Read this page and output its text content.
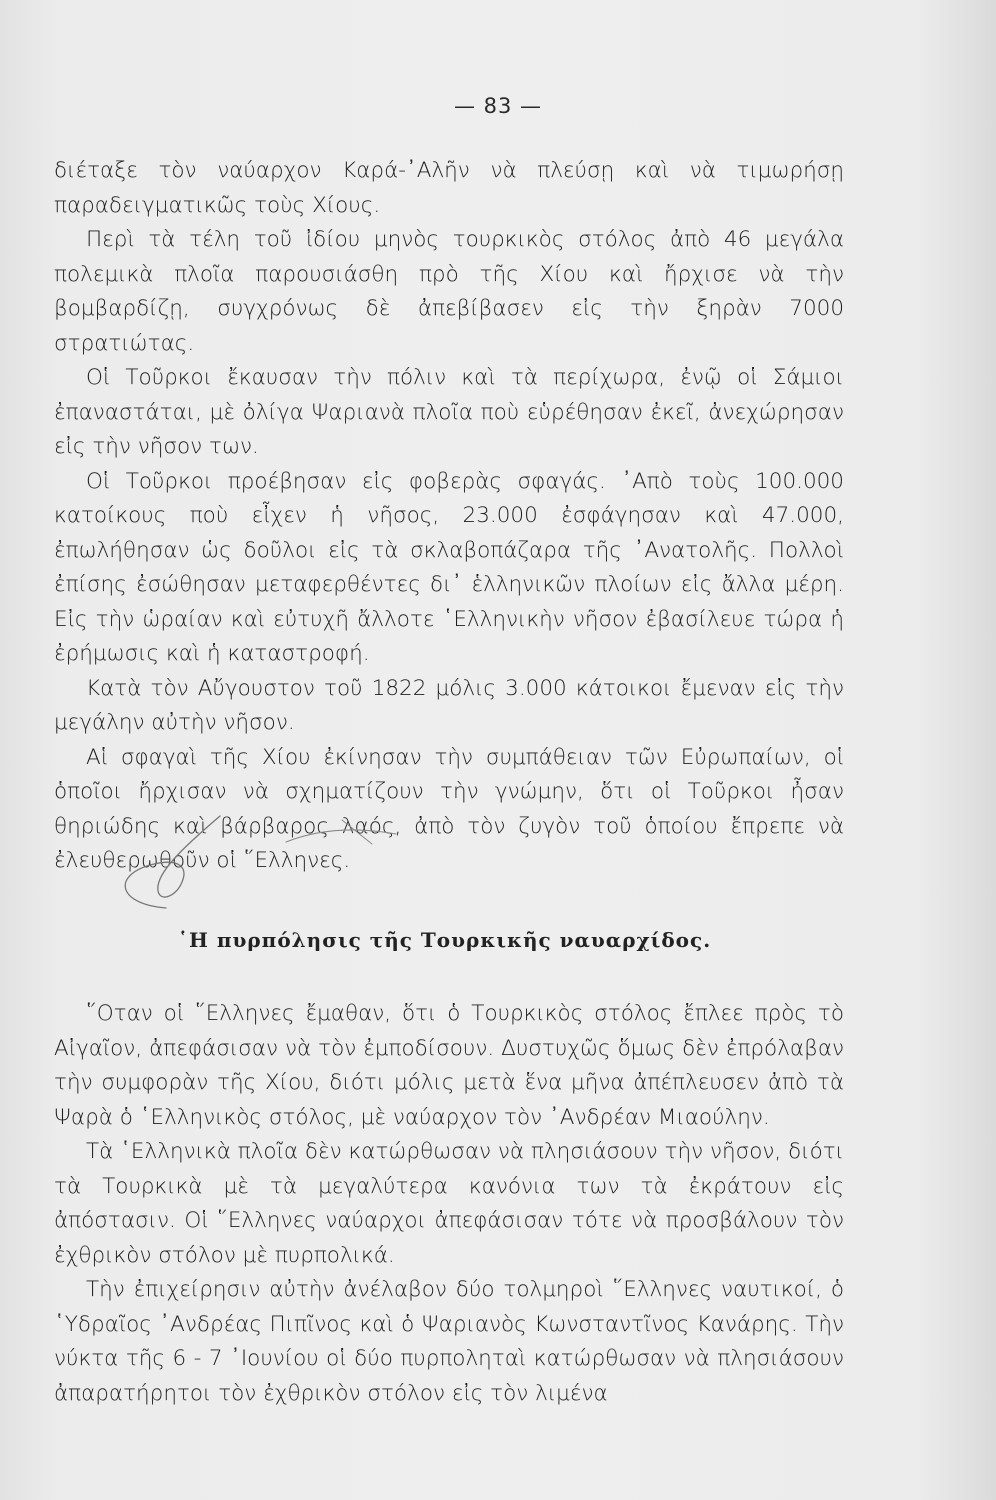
— 83 —

διέταξε τὸν ναύαρχον Καρά-᾿Αλῆν νὰ πλεύσῃ καὶ νὰ τιμωρήσῃ παραδειγματικῶς τοὺς Χίους.

Περὶ τὰ τέλη τοῦ ἰδίου μηνὸς τουρκικὸς στόλος ἀπὸ 46 μεγάλα πολεμικὰ πλοῖα παρουσιάσθη πρὸ τῆς Χίου καὶ ἤρχισε νὰ τὴν βομβαρδίζῃ, συγχρόνως δὲ ἀπεβίβασεν εἰς τὴν ξηρὰν 7000 στρατιώτας.

Οἱ Τοῦρκοι ἔκαυσαν τὴν πόλιν καὶ τὰ περίχωρα, ἐνῷ οἱ Σάμιοι ἐπαναστάται, μὲ ὀλίγα Ψαριανὰ πλοῖα ποὺ εὑρέθησαν ἐκεῖ, ἀνεχώρησαν εἰς τὴν νῆσον των.

Οἱ Τοῦρκοι προέβησαν εἰς φοβερὰς σφαγάς. ᾿Απὸ τοὺς 100.000 κατοίκους ποὺ εἶχεν ἡ νῆσος, 23.000 ἐσφάγησαν καὶ 47.000, ἐπωλήθησαν ὡς δοῦλοι εἰς τὰ σκλαβοπάζαρα τῆς ᾿Ανατολῆς. Πολλοὶ ἐπίσης ἐσώθησαν μεταφερθέντες δι᾿ ἑλληνικῶν πλοίων εἰς ἄλλα μέρη. Εἰς τὴν ὡραίαν καὶ εὐτυχῆ ἄλλοτε ῾Ελληνικὴν νῆσον ἐβασίλευε τώρα ἡ ἐρήμωσις καὶ ἡ καταστροφή.

Κατὰ τὸν Αὔγουστον τοῦ 1822 μόλις 3.000 κάτοικοι ἔμεναν εἰς τὴν μεγάλην αὐτὴν νῆσον.

Αἱ σφαγαὶ τῆς Χίου ἐκίνησαν τὴν συμπάθειαν τῶν Εὐρωπαίων, οἱ ὁποῖοι ἤρχισαν νὰ σχηματίζουν τὴν γνώμην, ὅτι οἱ Τοῦρκοι ἦσαν θηριώδης καὶ βάρβαρος λαός, ἀπὸ τὸν ζυγὸν τοῦ ὁποίου ἔπρεπε νὰ ἐλευθερωθοῦν οἱ ῞Ελληνες.

῾Η πυρπόλησις τῆς Τουρκικῆς ναυαρχίδος.

῞Οταν οἱ ῞Ελληνες ἔμαθαν, ὅτι ὁ Τουρκικὸς στόλος ἔπλεε πρὸς τὸ Αἰγαῖον, ἀπεφάσισαν νὰ τὸν ἐμποδίσουν. Δυστυχῶς ὅμως δὲν ἐπρόλαβαν τὴν συμφορὰν τῆς Χίου, διότι μόλις μετὰ ἕνα μῆνα ἀπέπλευσεν ἀπὸ τὰ Ψαρὰ ὁ ῾Ελληνικὸς στόλος, μὲ ναύαρχον τὸν ᾿Ανδρέαν Μιαούλην.

Τὰ ῾Ελληνικὰ πλοῖα δὲν κατώρθωσαν νὰ πλησιάσουν τὴν νῆσον, διότι τὰ Τουρκικὰ μὲ τὰ μεγαλύτερα κανόνια των τὰ ἐκράτουν εἰς ἀπόστασιν. Οἱ ῞Ελληνες ναύαρχοι ἀπεφάσισαν τότε νὰ προσβάλουν τὸν ἐχθρικὸν στόλον μὲ πυρπολικά.

Τὴν ἐπιχείρησιν αὐτὴν ἀνέλαβον δύο τολμηροὶ ῞Ελληνες ναυτικοί, ὁ ῾Υδραῖος ᾿Ανδρέας Πιπῖνος καὶ ὁ Ψαριανὸς Κωνσταντῖνος Κανάρης. Τὴν νύκτα τῆς 6 - 7 ᾿Ιουνίου οἱ δύο πυρποληταὶ κατώρθωσαν νὰ πλησιάσουν ἀπαρατήρητοι τὸν ἐχθρικὸν στόλον εἰς τὸν λιμένα
